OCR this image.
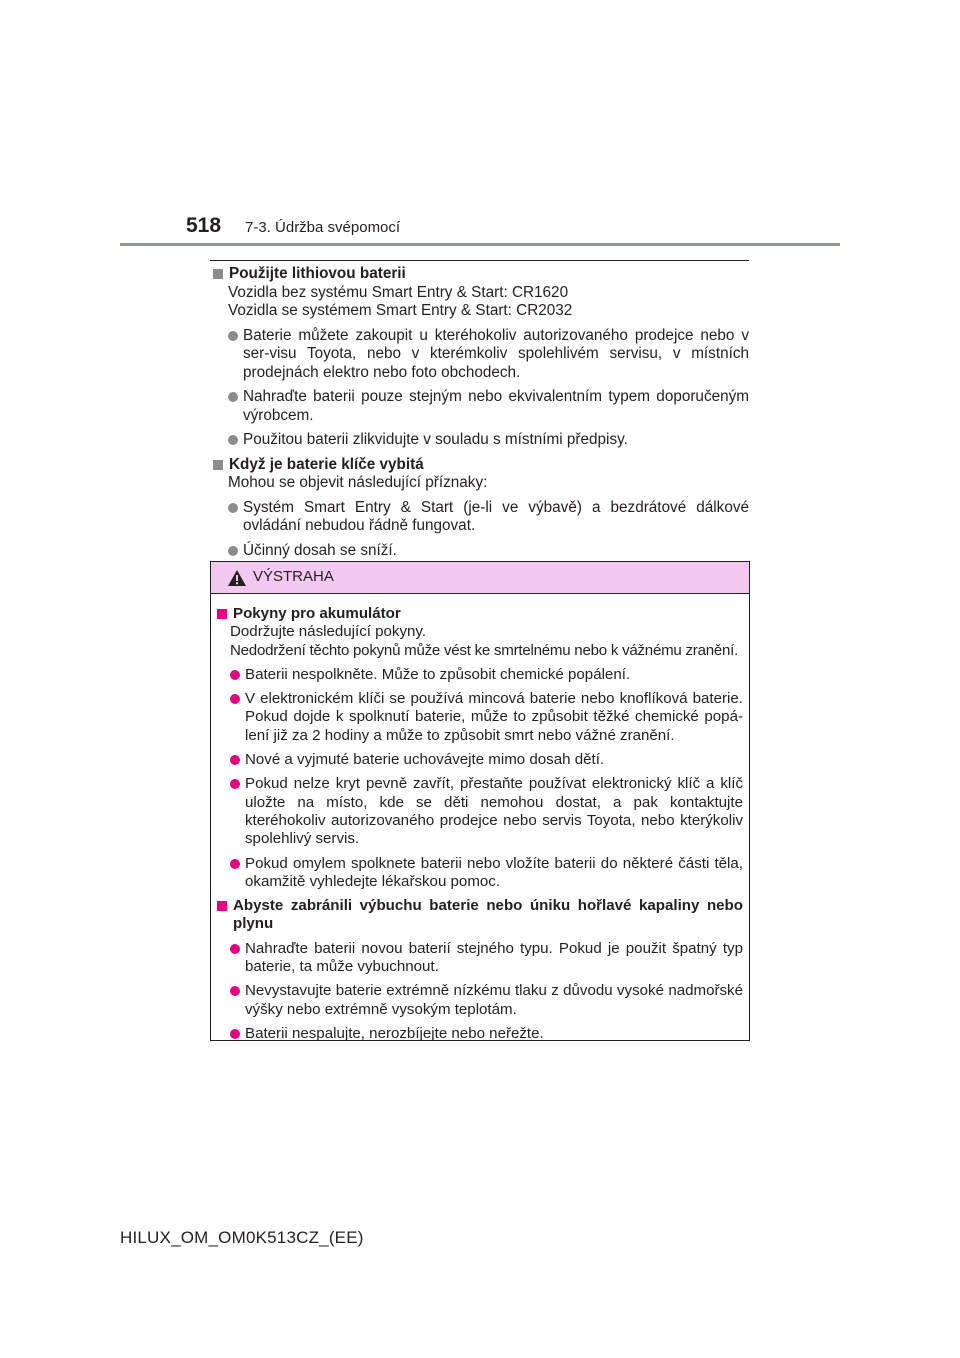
518 7-3. Údržba svépomocí
Použijte lithiovou baterii
Vozidla bez systému Smart Entry & Start: CR1620
Vozidla se systémem Smart Entry & Start: CR2032
Baterie můžete zakoupit u kteréhokoliv autorizovaného prodejce nebo v ser-visu Toyota, nebo v kterémkoliv spolehlivém servisu, v místních prodejnách elektro nebo foto obchodech.
Nahraďte baterii pouze stejným nebo ekvivalentním typem doporučeným výrobcem.
Použitou baterii zlikvidujte v souladu s místními předpisy.
Když je baterie klíče vybitá
Mohou se objevit následující příznaky:
Systém Smart Entry & Start (je-li ve výbavě) a bezdrátové dálkové ovládání nebudou řádně fungovat.
Účinný dosah se sníží.
VÝSTRAHA
Pokyny pro akumulátor
Dodržujte následující pokyny.
Nedodržení těchto pokynů může vést ke smrtelnému nebo k vážnému zranění.
Baterii nespolkněte. Může to způsobit chemické popálení.
V elektronickém klíči se používá mincová baterie nebo knoflíková baterie. Pokud dojde k spolknutí baterie, může to způsobit těžké chemické popá-lení již za 2 hodiny a může to způsobit smrt nebo vážné zranění.
Nové a vyjmuté baterie uchovávejte mimo dosah dětí.
Pokud nelze kryt pevně zavřít, přestaňte používat elektronický klíč a klíč uložte na místo, kde se děti nemohou dostat, a pak kontaktujte kteréhokoliv autorizovaného prodejce nebo servis Toyota, nebo kterýkoliv spolehlivý servis.
Pokud omylem spolknete baterii nebo vložíte baterii do některé části těla, okamžitě vyhledejte lékařskou pomoc.
Abyste zabránili výbuchu baterie nebo úniku hořlavé kapaliny nebo plynu
Nahraďte baterii novou baterií stejného typu. Pokud je použit špatný typ baterie, ta může vybuchnout.
Nevystavujte baterie extrémně nízkému tlaku z důvodu vysoké nadmořské výšky nebo extrémně vysokým teplotám.
Baterii nespalujte, nerozbíjejte nebo neřežte.
HILUX_OM_OM0K513CZ_(EE)
